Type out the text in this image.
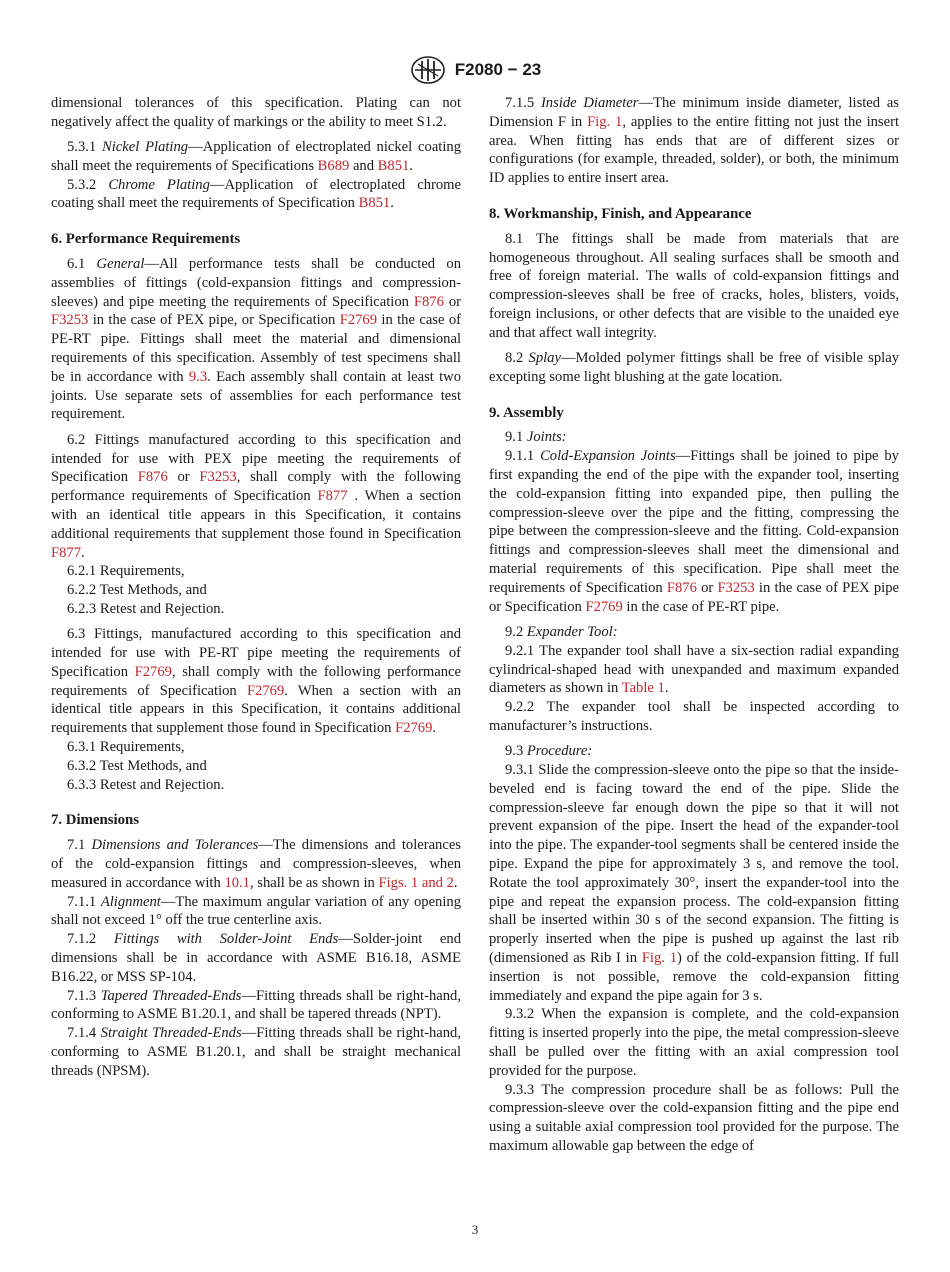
F2080 − 23

dimensional tolerances of this specification. Plating can not negatively affect the quality of markings or the ability to meet S1.2.

5.3.1 Nickel Plating—Application of electroplated nickel coating shall meet the requirements of Specifications B689 and B851.

5.3.2 Chrome Plating—Application of electroplated chrome coating shall meet the requirements of Specification B851.

6. Performance Requirements

6.1 General—All performance tests shall be conducted on assemblies of fittings (cold-expansion fittings and compression-sleeves) and pipe meeting the requirements of Specification F876 or F3253 in the case of PEX pipe, or Specification F2769 in the case of PE-RT pipe. Fittings shall meet the material and dimensional requirements of this specification. Assembly of test specimens shall be in accordance with 9.3. Each assembly shall contain at least two joints. Use separate sets of assemblies for each performance test requirement.

6.2 Fittings manufactured according to this specification and intended for use with PEX pipe meeting the requirements of Specification F876 or F3253, shall comply with the following performance requirements of Specification F877 . When a section with an identical title appears in this Specification, it contains additional requirements that supplement those found in Specification F877.

6.2.1 Requirements,

6.2.2 Test Methods, and

6.2.3 Retest and Rejection.

6.3 Fittings, manufactured according to this specification and intended for use with PE-RT pipe meeting the requirements of Specification F2769, shall comply with the following performance requirements of Specification F2769. When a section with an identical title appears in this Specification, it contains additional requirements that supplement those found in Specification F2769.

6.3.1 Requirements,

6.3.2 Test Methods, and

6.3.3 Retest and Rejection.

7. Dimensions

7.1 Dimensions and Tolerances—The dimensions and tolerances of the cold-expansion fittings and compression-sleeves, when measured in accordance with 10.1, shall be as shown in Figs. 1 and 2.

7.1.1 Alignment—The maximum angular variation of any opening shall not exceed 1° off the true centerline axis.

7.1.2 Fittings with Solder-Joint Ends—Solder-joint end dimensions shall be in accordance with ASME B16.18, ASME B16.22, or MSS SP-104.

7.1.3 Tapered Threaded-Ends—Fitting threads shall be right-hand, conforming to ASME B1.20.1, and shall be tapered threads (NPT).

7.1.4 Straight Threaded-Ends—Fitting threads shall be right-hand, conforming to ASME B1.20.1, and shall be straight mechanical threads (NPSM).

7.1.5 Inside Diameter—The minimum inside diameter, listed as Dimension F in Fig. 1, applies to the entire fitting not just the insert area. When fitting has ends that are of different sizes or configurations (for example, threaded, solder), or both, the minimum ID applies to entire insert area.

8. Workmanship, Finish, and Appearance

8.1 The fittings shall be made from materials that are homogeneous throughout. All sealing surfaces shall be smooth and free of foreign material. The walls of cold-expansion fittings and compression-sleeves shall be free of cracks, holes, blisters, voids, foreign inclusions, or other defects that are visible to the unaided eye and that affect wall integrity.

8.2 Splay—Molded polymer fittings shall be free of visible splay excepting some light blushing at the gate location.

9. Assembly

9.1 Joints:

9.1.1 Cold-Expansion Joints—Fittings shall be joined to pipe by first expanding the end of the pipe with the expander tool, inserting the cold-expansion fitting into expanded pipe, then pulling the compression-sleeve over the pipe and the fitting, compressing the pipe between the compression-sleeve and the fitting. Cold-expansion fittings and compression-sleeves shall meet the dimensional and material requirements of this specification. Pipe shall meet the requirements of Specification F876 or F3253 in the case of PEX pipe or Specification F2769 in the case of PE-RT pipe.

9.2 Expander Tool:

9.2.1 The expander tool shall have a six-section radial expanding cylindrical-shaped head with unexpanded and maximum expanded diameters as shown in Table 1.

9.2.2 The expander tool shall be inspected according to manufacturer’s instructions.

9.3 Procedure:

9.3.1 Slide the compression-sleeve onto the pipe so that the inside-beveled end is facing toward the end of the pipe. Slide the compression-sleeve far enough down the pipe so that it will not prevent expansion of the pipe. Insert the head of the expander-tool into the pipe. The expander-tool segments shall be centered inside the pipe. Expand the pipe for approximately 3 s, and remove the tool. Rotate the tool approximately 30°, insert the expander-tool into the pipe and repeat the expansion process. The cold-expansion fitting shall be inserted within 30 s of the second expansion. The fitting is properly inserted when the pipe is pushed up against the last rib (dimensioned as Rib I in Fig. 1) of the cold-expansion fitting. If full insertion is not possible, remove the cold-expansion fitting immediately and expand the pipe again for 3 s.

9.3.2 When the expansion is complete, and the cold-expansion fitting is inserted properly into the pipe, the metal compression-sleeve shall be pulled over the fitting with an axial compression tool provided for the purpose.

9.3.3 The compression procedure shall be as follows: Pull the compression-sleeve over the cold-expansion fitting and the pipe end using a suitable axial compression tool provided for the purpose. The maximum allowable gap between the edge of

3
